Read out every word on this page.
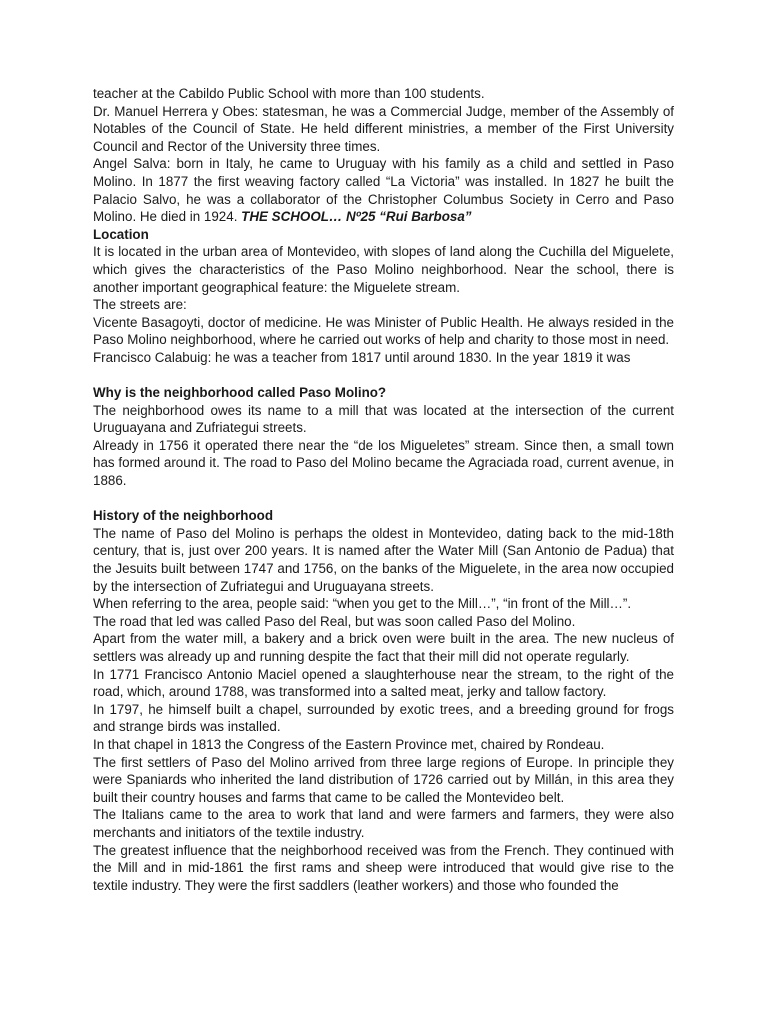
teacher at the Cabildo Public School with more than 100 students.

Dr. Manuel Herrera y Obes: statesman, he was a Commercial Judge, member of the Assembly of Notables of the Council of State. He held different ministries, a member of the First University Council and Rector of the University three times.

Angel Salva: born in Italy, he came to Uruguay with his family as a child and settled in Paso Molino. In 1877 the first weaving factory called “La Victoria” was installed. In 1827 he built the Palacio Salvo, he was a collaborator of the Christopher Columbus Society in Cerro and Paso Molino. He died in 1924. THE SCHOOL… Nº25 “Rui Barbosa”

Location

It is located in the urban area of Montevideo, with slopes of land along the Cuchilla del Miguelete, which gives the characteristics of the Paso Molino neighborhood. Near the school, there is another important geographical feature: the Miguelete stream.

The streets are:

Vicente Basagoyti, doctor of medicine. He was Minister of Public Health. He always resided in the Paso Molino neighborhood, where he carried out works of help and charity to those most in need.

Francisco Calabuig: he was a teacher from 1817 until around 1830. In the year 1819 it was

Why is the neighborhood called Paso Molino?

The neighborhood owes its name to a mill that was located at the intersection of the current Uruguayana and Zufriategui streets.

Already in 1756 it operated there near the “de los Migueletes” stream. Since then, a small town has formed around it. The road to Paso del Molino became the Agraciada road, current avenue, in 1886.

History of the neighborhood

The name of Paso del Molino is perhaps the oldest in Montevideo, dating back to the mid-18th century, that is, just over 200 years. It is named after the Water Mill (San Antonio de Padua) that the Jesuits built between 1747 and 1756, on the banks of the Miguelete, in the area now occupied by the intersection of Zufriategui and Uruguayana streets.

When referring to the area, people said: “when you get to the Mill…”, “in front of the Mill…”.

The road that led was called Paso del Real, but was soon called Paso del Molino.

Apart from the water mill, a bakery and a brick oven were built in the area. The new nucleus of settlers was already up and running despite the fact that their mill did not operate regularly.

In 1771 Francisco Antonio Maciel opened a slaughterhouse near the stream, to the right of the road, which, around 1788, was transformed into a salted meat, jerky and tallow factory.

In 1797, he himself built a chapel, surrounded by exotic trees, and a breeding ground for frogs and strange birds was installed.

In that chapel in 1813 the Congress of the Eastern Province met, chaired by Rondeau.

The first settlers of Paso del Molino arrived from three large regions of Europe. In principle they were Spaniards who inherited the land distribution of 1726 carried out by Millán, in this area they built their country houses and farms that came to be called the Montevideo belt.

The Italians came to the area to work that land and were farmers and farmers, they were also merchants and initiators of the textile industry.

The greatest influence that the neighborhood received was from the French. They continued with the Mill and in mid-1861 the first rams and sheep were introduced that would give rise to the textile industry. They were the first saddlers (leather workers) and those who founded the
